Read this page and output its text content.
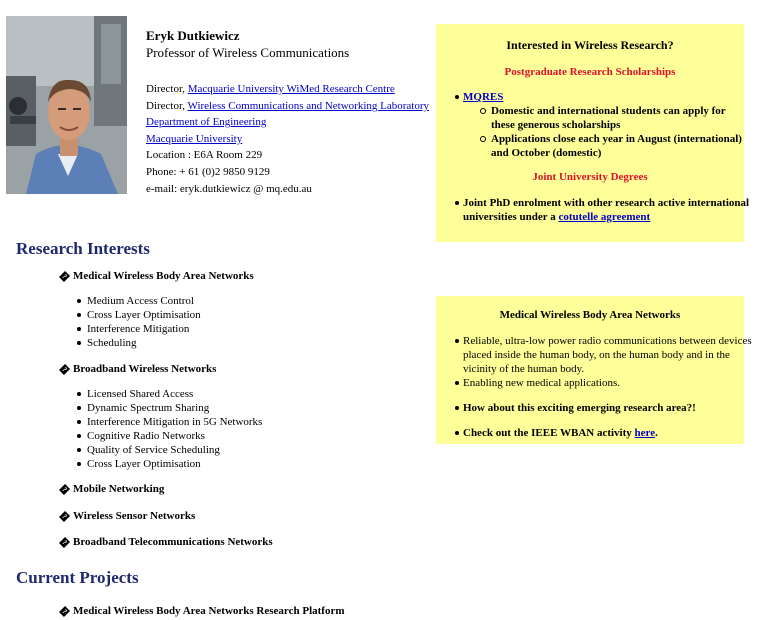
Eryk Dutkiewicz
Professor of Wireless Communications
Director, Macquarie University WiMed Research Centre
Director, Wireless Communications and Networking Laboratory
Department of Engineering
Macquarie University
Location : E6A Room 229
Phone: + 61 (0)2 9850 9129
e-mail: eryk.dutkiewicz @ mq.edu.au
Interested in Wireless Research?
Postgraduate Research Scholarships
MQRES
Domestic and international students can apply for
these generous scholarships
Applications close each year in August (international)
and October (domestic)
Joint University Degrees
Joint PhD enrolment with other research active international
universities under a cotutelle agreement
Medical Wireless Body Area Networks
Reliable, ultra-low power radio communications between devices
placed inside the human body, on the human body and in the
vicinity of the human body.
Enabling new medical applications.
How about this exciting emerging research area?!
Check out the IEEE WBAN activity here.
Research Interests
? Medical Wireless Body Area Networks
Medium Access Control
Cross Layer Optimisation
Interference Mitigation
Scheduling
? Broadband Wireless Networks
Licensed Shared Access
Dynamic Spectrum Sharing
Interference Mitigation in 5G Networks
Cognitive Radio Networks
Quality of Service Scheduling
Cross Layer Optimisation
? Mobile Networking
? Wireless Sensor Networks
? Broadband Telecommunications Networks
Current Projects
? Medical Wireless Body Area Networks Research Platform
